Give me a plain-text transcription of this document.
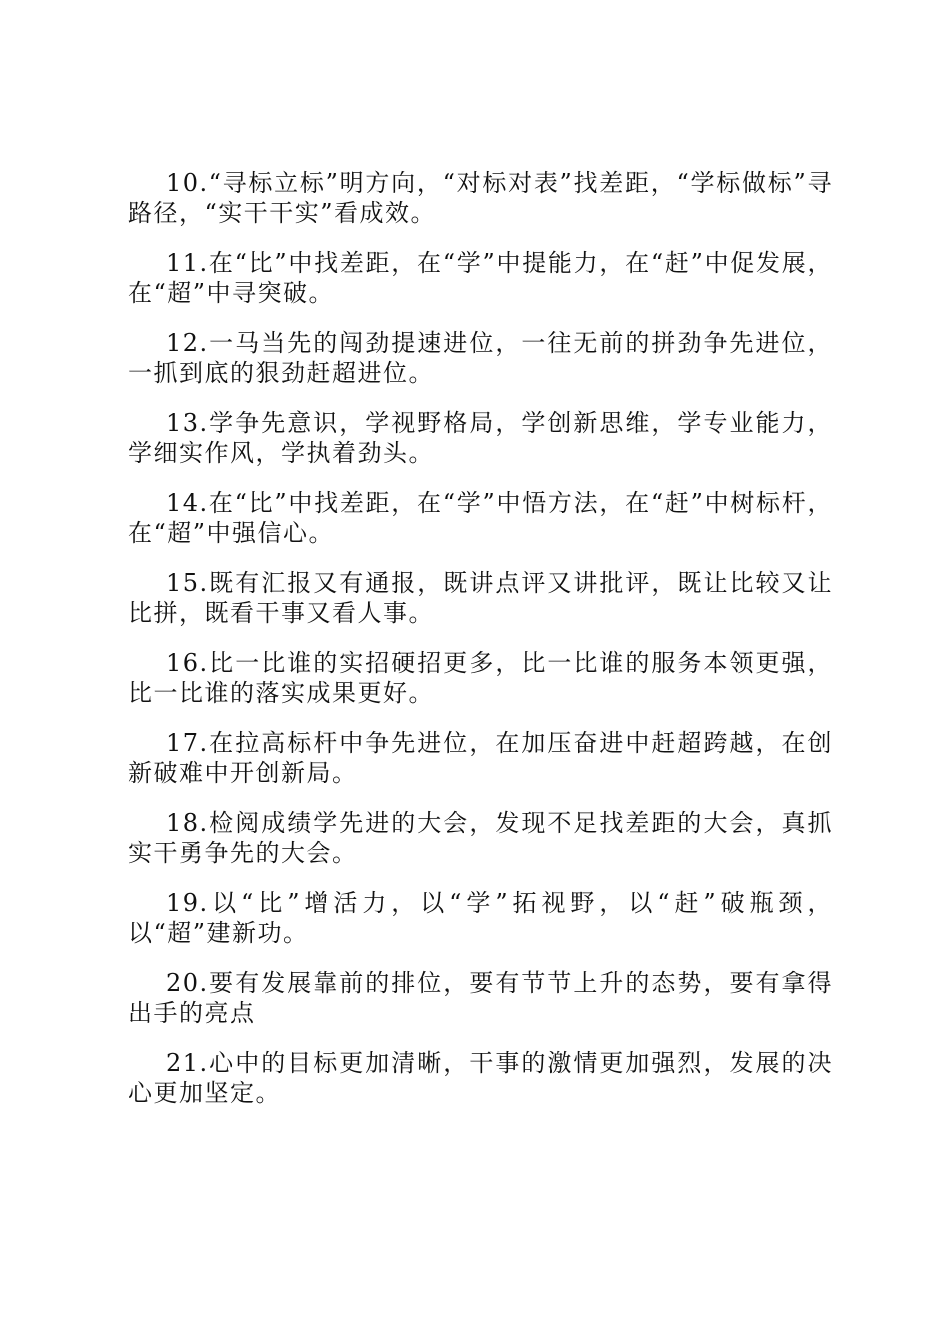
10.“寻标立标”明方向，“对标对表”找差距，“学标做标”寻路径，“实干干实”看成效。

11.在“比”中找差距，在“学”中提能力，在“赶”中促发展，在“超”中寻突破。

12.一马当先的闯劲提速进位，一往无前的拼劲争先进位，一抓到底的狠劲赶超进位。

13.学争先意识，学视野格局，学创新思维，学专业能力，学细实作风，学执着劲头。

14.在“比”中找差距，在“学”中悟方法，在“赶”中树标杆，在“超”中强信心。

15.既有汇报又有通报，既讲点评又讲批评，既让比较又让比拼，既看干事又看人事。

16.比一比谁的实招硬招更多，比一比谁的服务本领更强，比一比谁的落实成果更好。

17.在拉高标杆中争先进位，在加压奋进中赶超跨越，在创新破难中开创新局。

18.检阅成绩学先进的大会，发现不足找差距的大会，真抓实干勇争先的大会。

19.以“比”增活力，以“学”拓视野，以“赶”破瓶颈，以“超”建新功。

20.要有发展靠前的排位，要有节节上升的态势，要有拿得出手的亮点

21.心中的目标更加清晰，干事的激情更加强烈，发展的决心更加坚定。
